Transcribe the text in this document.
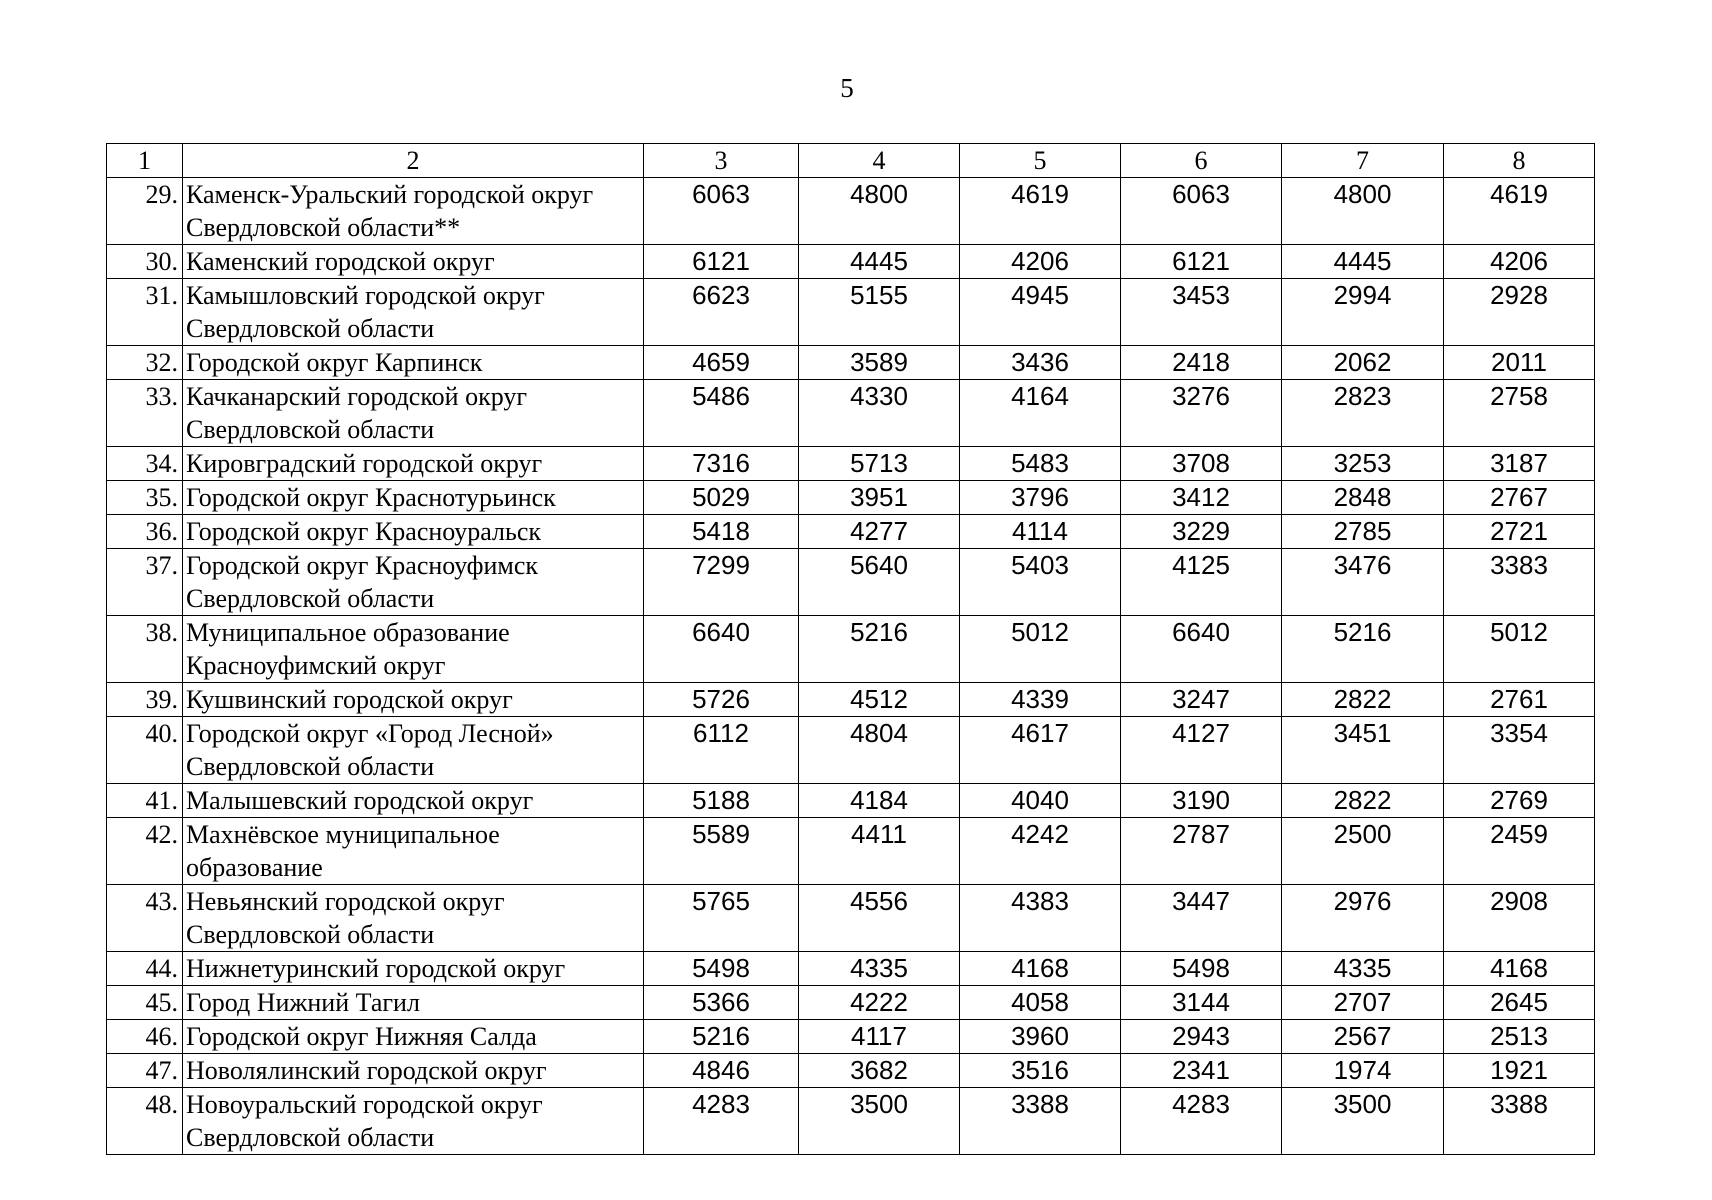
5
1	2	3	4	5	6	7	8
29.	Каменск-Уральский городской округ
Свердловской области**	6063	4800	4619	6063	4800	4619
30.	Каменский городской округ	6121	4445	4206	6121	4445	4206
31.	Камышловский городской округ
Свердловской области	6623	5155	4945	3453	2994	2928
32.	Городской округ Карпинск	4659	3589	3436	2418	2062	2011
33.	Качканарский городской округ
Свердловской области	5486	4330	4164	3276	2823	2758
34.	Кировградский городской округ	7316	5713	5483	3708	3253	3187
35.	Городской округ Краснотурьинск	5029	3951	3796	3412	2848	2767
36.	Городской округ Красноуральск	5418	4277	4114	3229	2785	2721
37.	Городской округ Красноуфимск
Свердловской области	7299	5640	5403	4125	3476	3383
38.	Муниципальное образование
Красноуфимский округ	6640	5216	5012	6640	5216	5012
39.	Кушвинский городской округ	5726	4512	4339	3247	2822	2761
40.	Городской округ «Город Лесной»
Свердловской области	6112	4804	4617	4127	3451	3354
41.	Малышевский городской округ	5188	4184	4040	3190	2822	2769
42.	Махнёвское муниципальное
образование	5589	4411	4242	2787	2500	2459
43.	Невьянский городской округ
Свердловской области	5765	4556	4383	3447	2976	2908
44.	Нижнетуринский городской округ	5498	4335	4168	5498	4335	4168
45.	Город Нижний Тагил	5366	4222	4058	3144	2707	2645
46.	Городской округ Нижняя Салда	5216	4117	3960	2943	2567	2513
47.	Новолялинский городской округ	4846	3682	3516	2341	1974	1921
48.	Новоуральский городской округ
Свердловской области	4283	3500	3388	4283	3500	3388
